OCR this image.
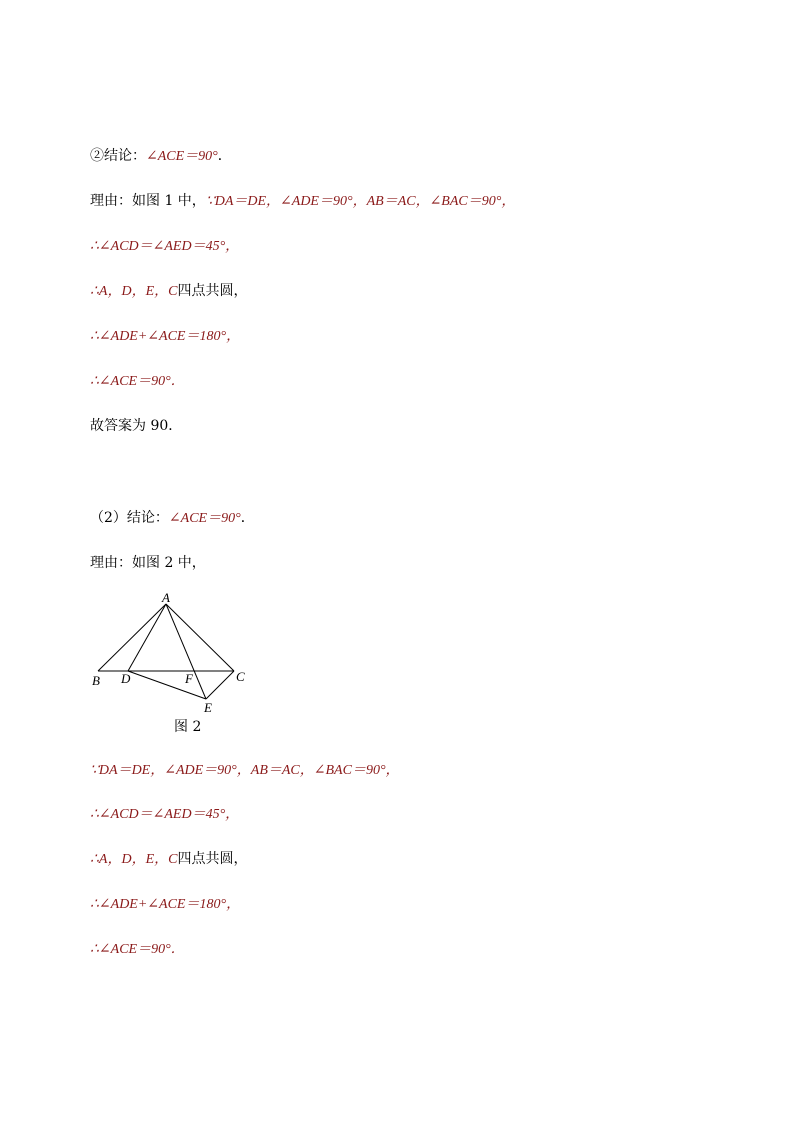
②结论：∠ACE＝90°．
理由：如图 1 中，∵DA＝DE，∠ADE＝90°，AB＝AC，∠BAC＝90°，
∴∠ACD＝∠AED＝45°，
∴A，D，E，C四点共圆，
∴∠ADE+∠ACE＝180°，
∴∠ACE＝90°．
故答案为 90．
（2）结论：∠ACE＝90°．
理由：如图 2 中，
A
B D	F	C
E
图 2
∵DA＝DE，∠ADE＝90°，AB＝AC，∠BAC＝90°，
∴∠ACD＝∠AED＝45°，
∴A，D，E，C四点共圆，
∴∠ADE+∠ACE＝180°，
∴∠ACE＝90°．
